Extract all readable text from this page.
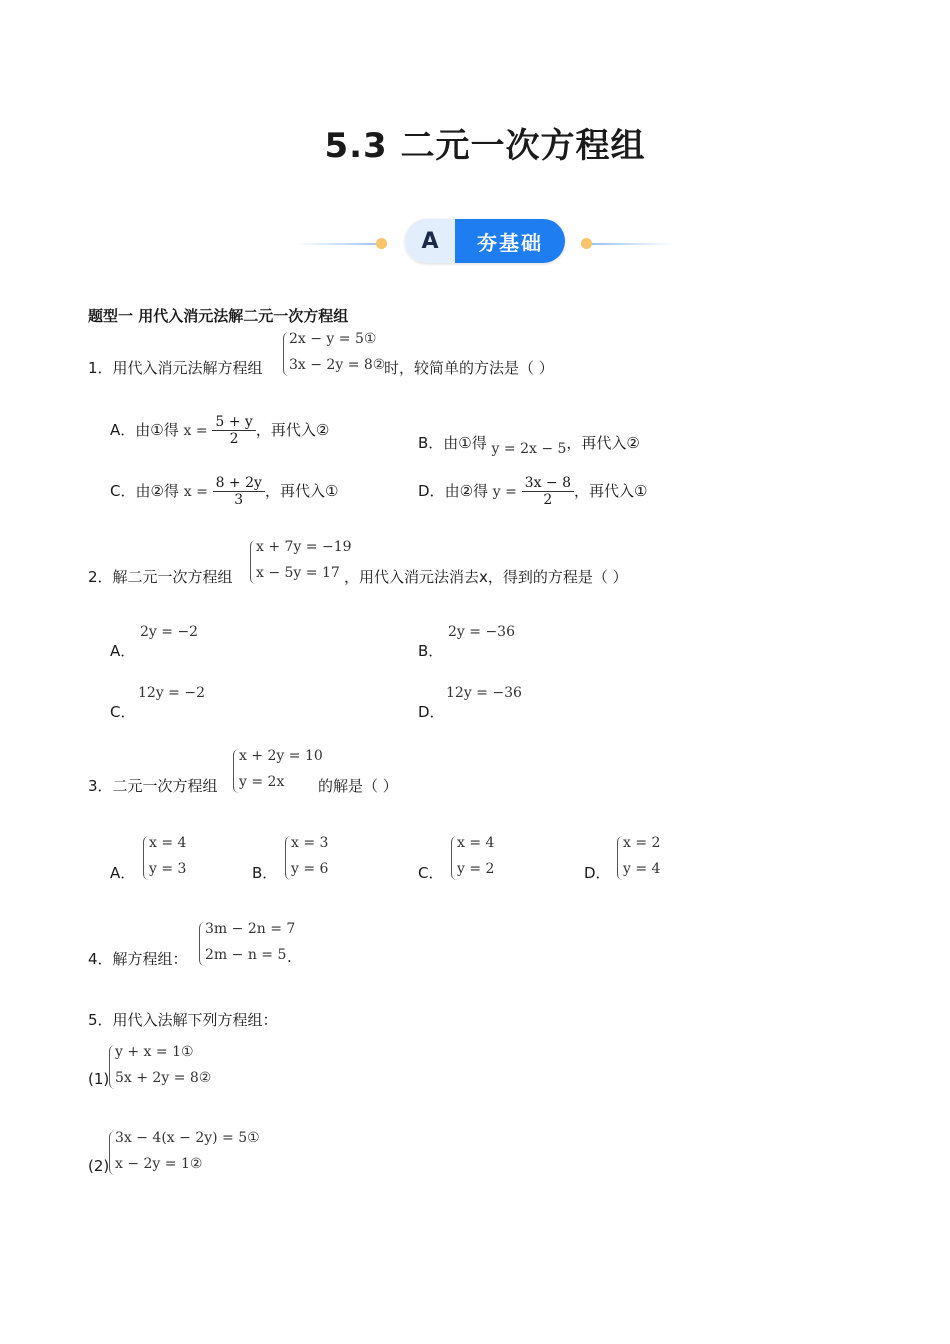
5.3 二元一次方程组
A	夯基础
题型一 用代入消元法解二元一次方程组
1．用代入消元法解方程组
2x − y = 5①
3x − 2y = 8②
时，较简单的方法是（ ）
A．由①得 $x = \frac{5 + y}{2}$ ，再代入②
B．由①得 y = 2x − 5，再代入②
C．由②得 $x = \frac{8 + 2y}{3}$ ，再代入①	D．由②得 $y = \frac{3x - 8}{2}$ ，再代入①
2．解二元一次方程组
x + 7y = −19
x − 5y = 17 ，用代入消元法消去x，得到的方程是（ ）
A．
2y = −2
B．
2y = −36
C．
12y = −2
D．
12y = −36
3．二元一次方程组
x + 2y = 10
y = 2x 的解是（ ）
A．
x = 4
y = 3	B．
x = 3
y = 6	C．
x = 4
y = 2	D．
x = 2
y = 4
4．解方程组：
3m − 2n = 7
2m − n = 5 .
5．用代入法解下列方程组：
(1)
y + x = 1①
5x + 2y = 8②
(2)
3x − 4(x − 2y) = 5①
x − 2y = 1②
